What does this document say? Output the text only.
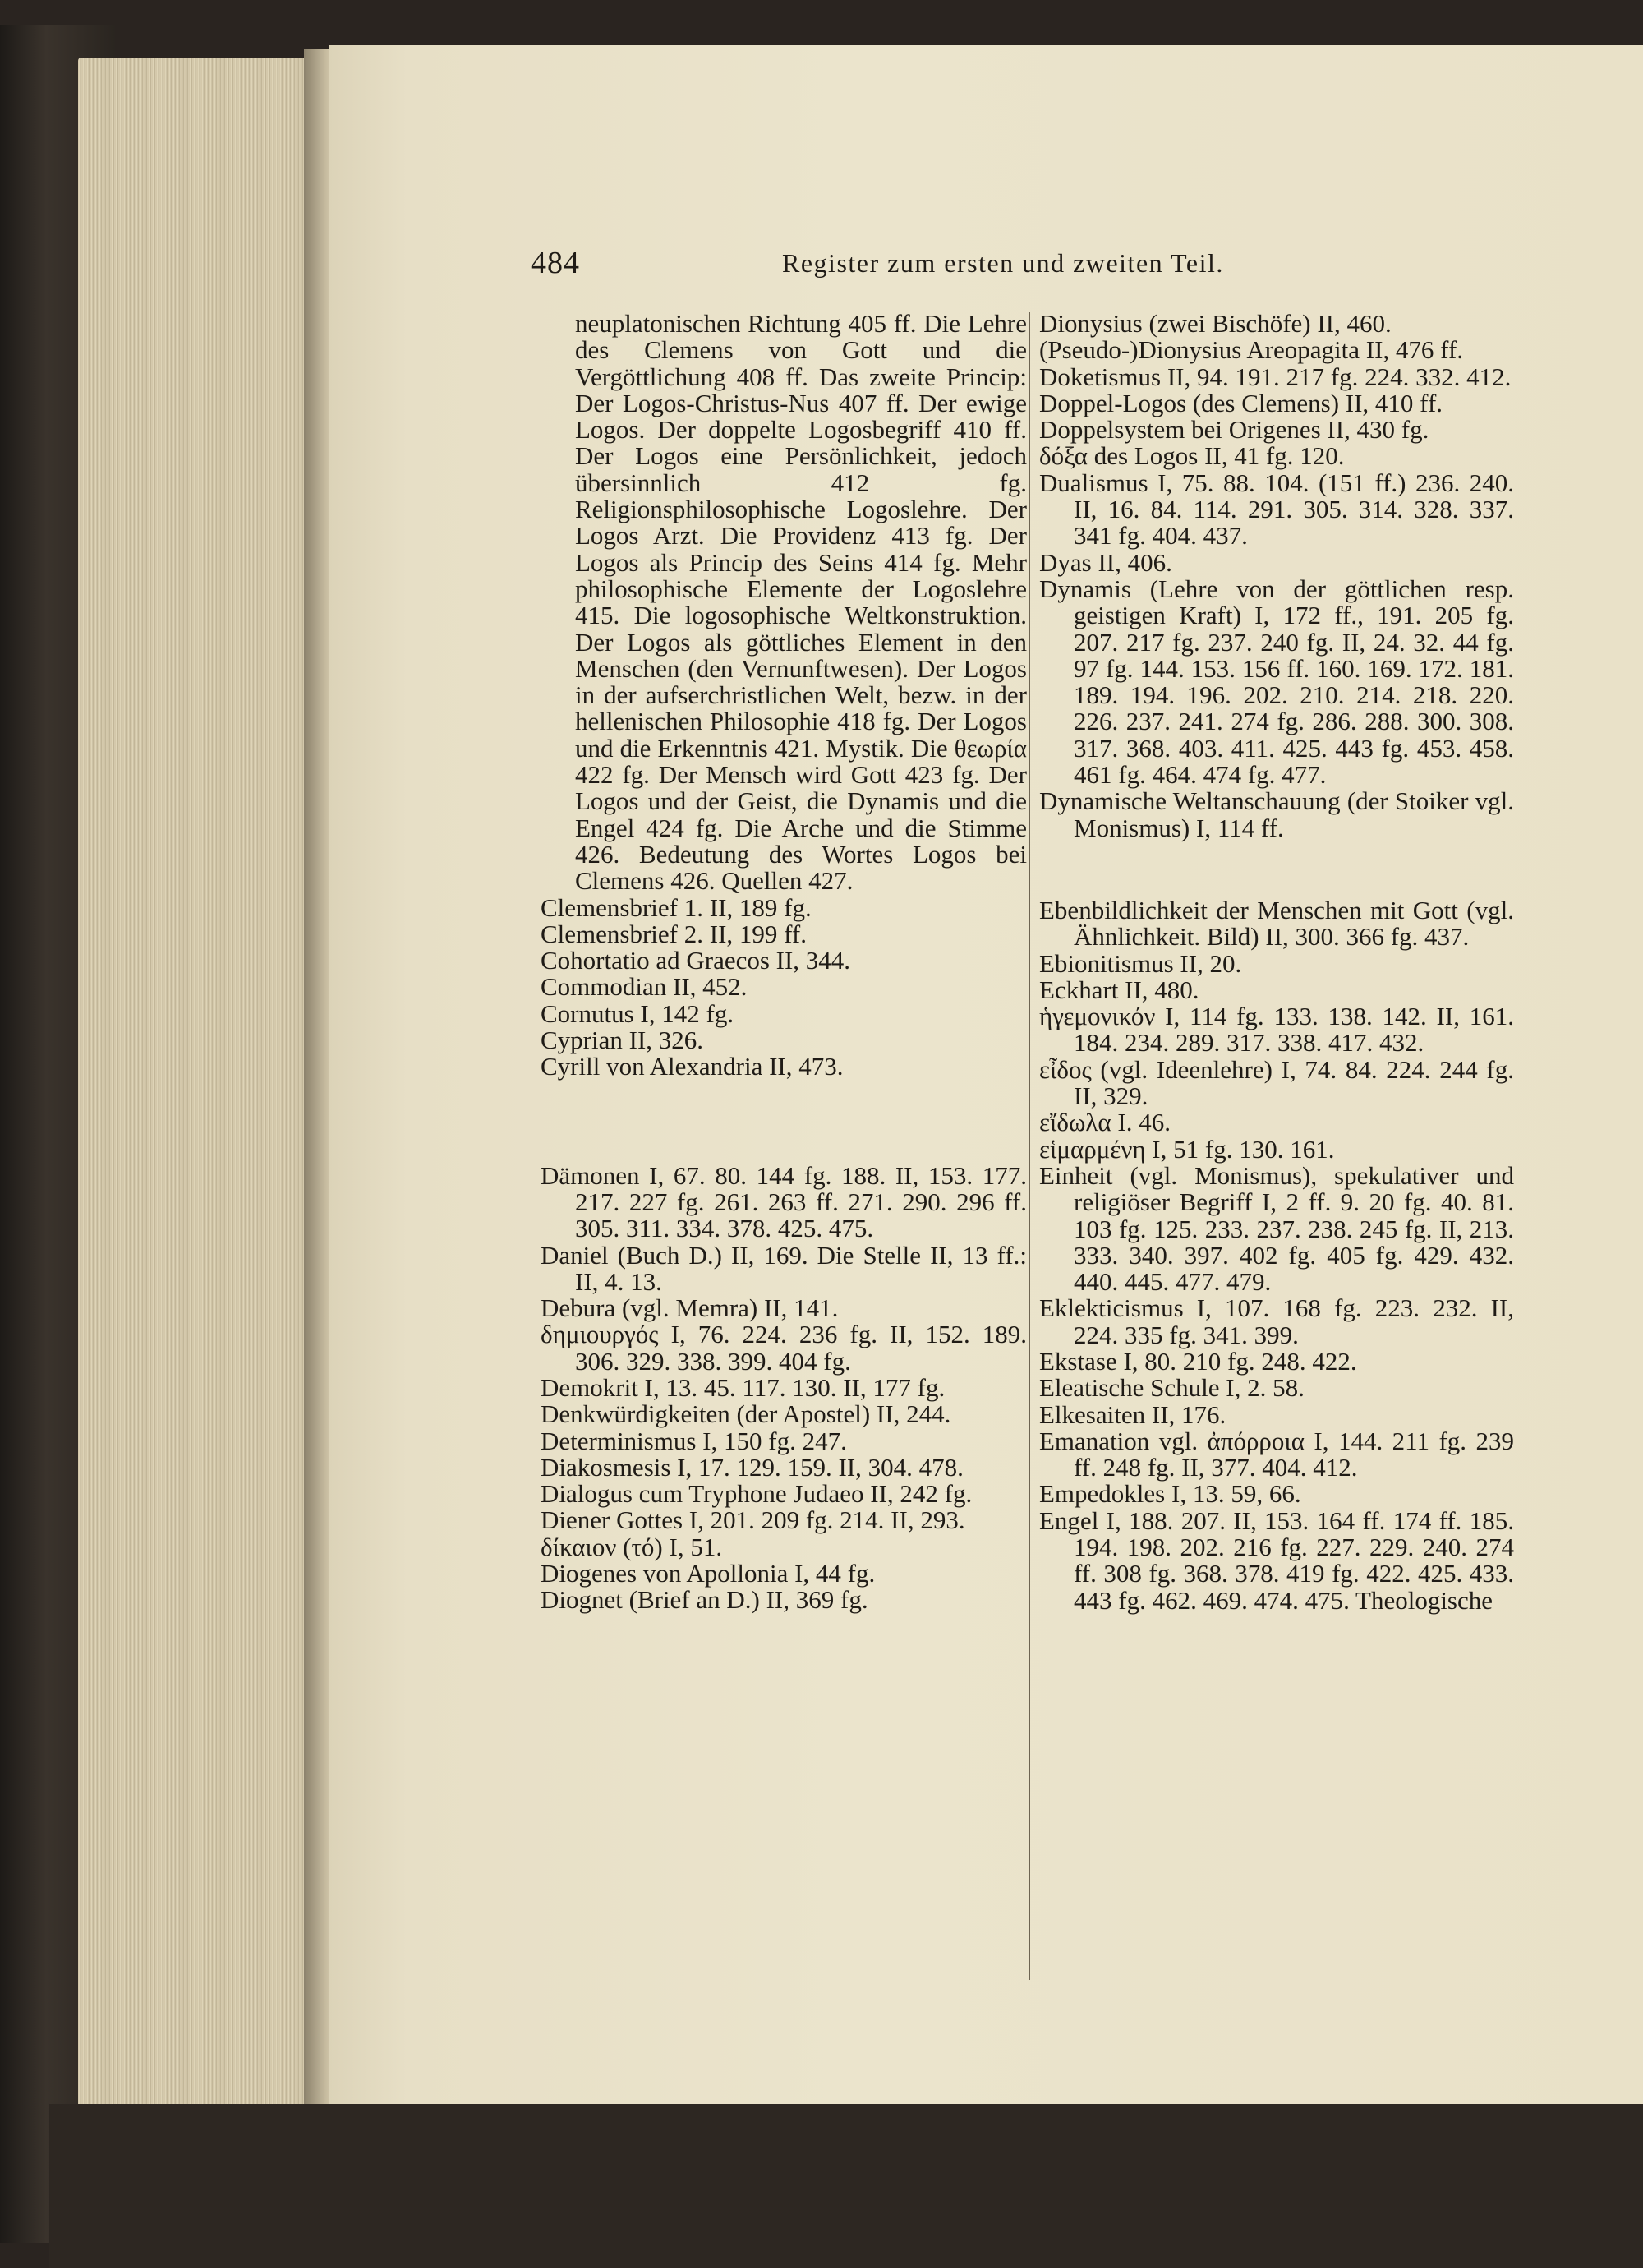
484	Register zum ersten und zweiten Teil.
neuplatonischen Richtung 405 ff. Die Lehre des Clemens von Gott und die Vergöttlichung 408 ff. Das zweite Princip: Der Logos-Christus-Nus 407 ff. Der ewige Logos. Der doppelte Logosbegriff 410 ff. Der Logos eine Persönlichkeit, jedoch übersinnlich 412 fg. Religionsphilosophische Logoslehre. Der Logos Arzt. Die Providenz 413 fg. Der Logos als Princip des Seins 414 fg. Mehr philosophische Elemente der Logoslehre 415. Die logosophische Weltkonstruktion. Der Logos als göttliches Element in den Menschen (den Vernunftwesen). Der Logos in der aufserchristlichen Welt, bezw. in der hellenischen Philosophie 418 fg. Der Logos und die Erkenntnis 421. Mystik. Die θεωρία 422 fg. Der Mensch wird Gott 423 fg. Der Logos und der Geist, die Dynamis und die Engel 424 fg. Die Arche und die Stimme 426. Bedeutung des Wortes Logos bei Clemens 426. Quellen 427.
Clemensbrief 1. II, 189 fg.
Clemensbrief 2. II, 199 ff.
Cohortatio ad Graecos II, 344.
Commodian II, 452.
Cornutus I, 142 fg.
Cyprian II, 326.
Cyrill von Alexandria II, 473.
Dämonen I, 67. 80. 144 fg. 188. II, 153. 177. 217. 227 fg. 261. 263 ff. 271. 290. 296 ff. 305. 311. 334. 378. 425. 475.
Daniel (Buch D.) II, 169. Die Stelle II, 13 ff.: II, 4. 13.
Debura (vgl. Memra) II, 141.
δημιουργός I, 76. 224. 236 fg. II, 152. 189. 306. 329. 338. 399. 404 fg.
Demokrit I, 13. 45. 117. 130. II, 177 fg.
Denkwürdigkeiten (der Apostel) II, 244.
Determinismus I, 150 fg. 247.
Diakosmesis I, 17. 129. 159. II, 304. 478.
Dialogus cum Tryphone Judaeo II, 242 fg.
Diener Gottes I, 201. 209 fg. 214. II, 293.
δίκαιον (τό) I, 51.
Diogenes von Apollonia I, 44 fg.
Diognet (Brief an D.) II, 369 fg.
Dionysius (zwei Bischöfe) II, 460.
(Pseudo-)Dionysius Areopagita II, 476 ff.
Doketismus II, 94. 191. 217 fg. 224. 332. 412.
Doppel-Logos (des Clemens) II, 410 ff.
Doppelsystem bei Origenes II, 430 fg.
δόξα des Logos II, 41 fg. 120.
Dualismus I, 75. 88. 104. (151 ff.) 236. 240. II, 16. 84. 114. 291. 305. 314. 328. 337. 341 fg. 404. 437.
Dyas II, 406.
Dynamis (Lehre von der göttlichen resp. geistigen Kraft) I, 172 ff., 191. 205 fg. 207. 217 fg. 237. 240 fg. II, 24. 32. 44 fg. 97 fg. 144. 153. 156 ff. 160. 169. 172. 181. 189. 194. 196. 202. 210. 214. 218. 220. 226. 237. 241. 274 fg. 286. 288. 300. 308. 317. 368. 403. 411. 425. 443 fg. 453. 458. 461 fg. 464. 474 fg. 477.
Dynamische Weltanschauung (der Stoiker vgl. Monismus) I, 114 ff.
Ebenbildlichkeit der Menschen mit Gott (vgl. Ähnlichkeit. Bild) II, 300. 366 fg. 437.
Ebionitismus II, 20.
Eckhart II, 480.
ἡγεμονικόν I, 114 fg. 133. 138. 142. II, 161. 184. 234. 289. 317. 338. 417. 432.
εἶδος (vgl. Ideenlehre) I, 74. 84. 224. 244 fg. II, 329.
εἴδωλα I. 46.
εἱμαρμένη I, 51 fg. 130. 161.
Einheit (vgl. Monismus), spekulativer und religiöser Begriff I, 2 ff. 9. 20 fg. 40. 81. 103 fg. 125. 233. 237. 238. 245 fg. II, 213. 333. 340. 397. 402 fg. 405 fg. 429. 432. 440. 445. 477. 479.
Eklekticismus I, 107. 168 fg. 223. 232. II, 224. 335 fg. 341. 399.
Ekstase I, 80. 210 fg. 248. 422.
Eleatische Schule I, 2. 58.
Elkesaiten II, 176.
Emanation vgl. ἀπόρροια I, 144. 211 fg. 239 ff. 248 fg. II, 377. 404. 412.
Empedokles I, 13. 59, 66.
Engel I, 188. 207. II, 153. 164 ff. 174 ff. 185. 194. 198. 202. 216 fg. 227. 229. 240. 274 ff. 308 fg. 368. 378. 419 fg. 422. 425. 433. 443 fg. 462. 469. 474. 475. Theologische
